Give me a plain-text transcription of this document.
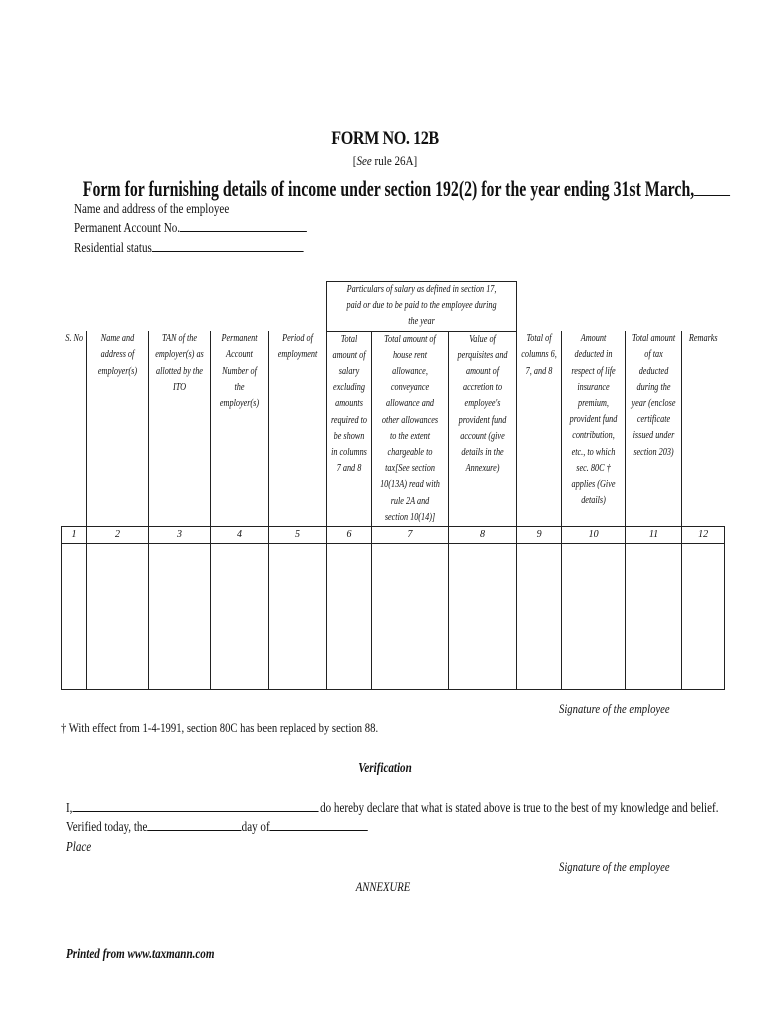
FORM NO. 12B
[See rule 26A]
Form for furnishing details of income under section 192(2) for the year ending 31st March,
Name and address of the employee
Permanent Account No.
Residential status

					Particulars of salary as defined in section 17, paid or due to be paid to the employee during the year						

S. No	Name and address of employer(s)	TAN of the employer(s) as allotted by the ITO	Permanent Account Number of the employer(s)	Period of employment	Total amount of salary excluding amounts required to be shown in columns 7 and 8	Total amount of house rent allowance, conveyance allowance and other allowances to the extent chargeable to tax[See section 10(13A) read with rule 2A and section 10(14)]	Value of perquisites and amount of accretion to employee's provident fund account (give details in the Annexure)	Total of columns 6, 7, and 8	Amount deducted in respect of life insurance premium, provident fund contribution, etc., to which sec. 80C † applies (Give details)	Total amount of tax deducted during the year (enclose certificate issued under section 203)	Remarks

1	2	3	4	5	6	7	8	9	10	11	12

Signature of the employee
† With effect from 1-4-1991, section 80C has been replaced by section 88.
Verification
I,	do hereby declare that what is stated above is true to the best of my knowledge and belief.
Verified today, the	day of
Place
Signature of the employee
ANNEXURE
Printed from www.taxmann.com
